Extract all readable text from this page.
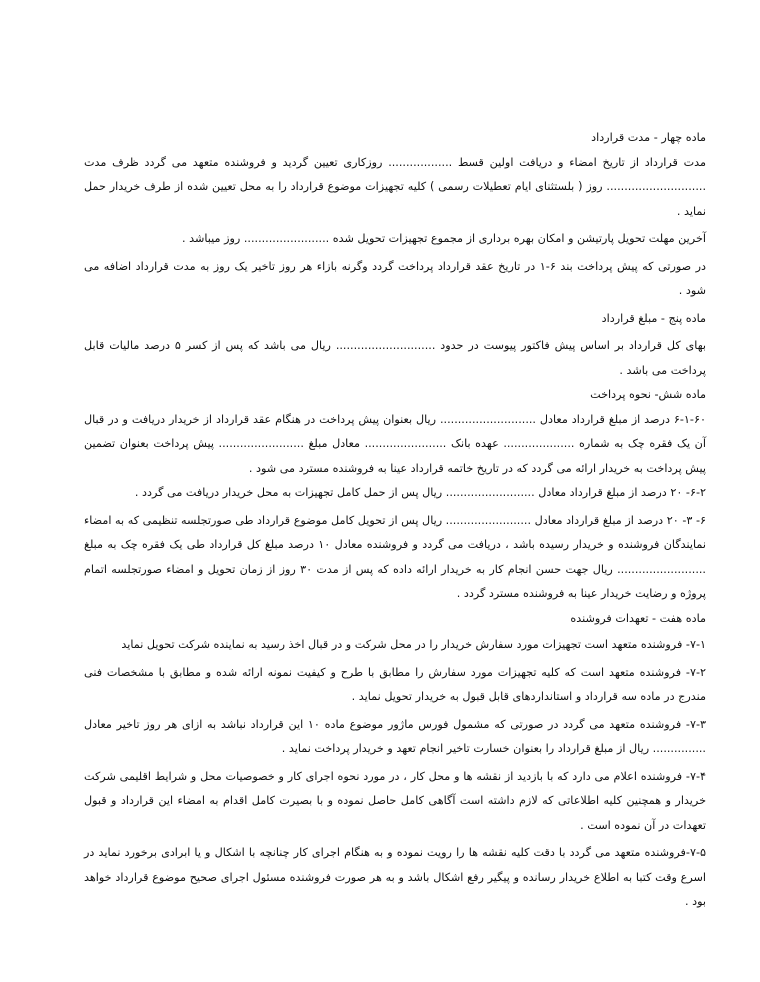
ماده چهار - مدت قرارداد

مدت قرارداد از تاریخ امضاء و دریافت اولین قسط .................. روزکاری تعیین گردید و فروشنده متعهد می گردد ظرف مدت ............................ روز ( بلستثنای ایام تعطیلات رسمی ) کلیه تجهیزات موضوع قرارداد را به محل تعیین شده از طرف خریدار حمل نماید .

آخرین مهلت تحویل پارتیشن و امکان بهره برداری از مجموع تجهیزات تحویل شده ........................ روز میباشد .

در صورتی که پیش پرداخت بند ۶-۱ در تاریخ عقد قرارداد پرداخت گردد وگرنه بازاء هر روز تاخیر یک روز به مدت قرارداد اضافه می شود .

ماده پنج - مبلغ قرارداد

بهای کل قرارداد بر اساس پیش فاکتور پیوست در حدود ............................ ریال می باشد که پس از کسر ۵ درصد مالیات قابل پرداخت می باشد .

ماده شش- نحوه پرداخت

۶-۱-۶۰ درصد از مبلغ قرارداد معادل ........................... ریال بعنوان پیش پرداخت در هنگام عقد قرارداد از خریدار دریافت و در قبال آن یک فقره چک به شماره .................... عهده بانک ....................... معادل مبلغ ........................ پیش پرداخت بعنوان تضمین پیش پرداخت به خریدار ارائه می گردد که در تاریخ خاتمه قرارداد عینا به فروشنده مسترد می شود .

۶-۲- ۲۰ درصد از مبلغ قرارداد معادل ......................... ریال پس از حمل کامل تجهیزات به محل خریدار دریافت می گردد .

۶- ۳- ۲۰ درصد از مبلغ قرارداد معادل ........................ ریال پس از تحویل کامل موضوع قرارداد طی صورتجلسه تنظیمی که به امضاء نمایندگان فروشنده و خریدار رسیده باشد ، دریافت می گردد و فروشنده معادل ۱۰ درصد مبلغ کل قرارداد طی یک فقره چک به مبلغ ......................... ریال جهت حسن انجام کار به خریدار ارائه داده که پس از مدت ۳۰ روز از زمان تحویل و امضاء صورتجلسه اتمام پروژه و رضایت خریدار عینا به فروشنده مسترد گردد .

ماده هفت - تعهدات فروشنده

۷-۱- فروشنده متعهد است تجهیزات مورد سفارش خریدار را در محل شرکت و در قبال اخذ رسید به نماینده شرکت تحویل نماید

۷-۲- فروشنده متعهد است که کلیه تجهیزات مورد سفارش را مطابق با طرح و کیفیت نمونه ارائه شده و مطابق با مشخصات فنی مندرج در ماده سه قرارداد و استانداردهای قابل قبول به خریدار تحویل نماید .

۷-۳- فروشنده متعهد می گردد در صورتی که مشمول فورس ماژور موضوع ماده ۱۰ این قرارداد نباشد به ازای هر روز تاخیر معادل ............... ریال از مبلغ قرارداد را بعنوان خسارت تاخیر انجام تعهد و خریدار پرداخت نماید .

۷-۴- فروشنده اعلام می دارد که با بازدید از نقشه ها و محل کار ، در مورد نحوه اجرای کار و خصوصیات محل و شرایط اقلیمی شرکت خریدار و همچنین کلیه اطلاعاتی که لازم داشته است آگاهی کامل حاصل نموده و با بصیرت کامل اقدام به امضاء این قرارداد و قبول تعهدات در آن نموده است .

۷-۵-فروشنده متعهد می گردد با دقت کلیه نقشه ها را رویت نموده و به هنگام اجرای کار چنانچه با اشکال و یا ابرادی برخورد نماید در اسرع وقت کتبا به اطلاع خریدار رسانده و پیگیر رفع اشکال باشد و به هر صورت فروشنده مسئول اجرای صحیح موضوع قرارداد خواهد بود .
